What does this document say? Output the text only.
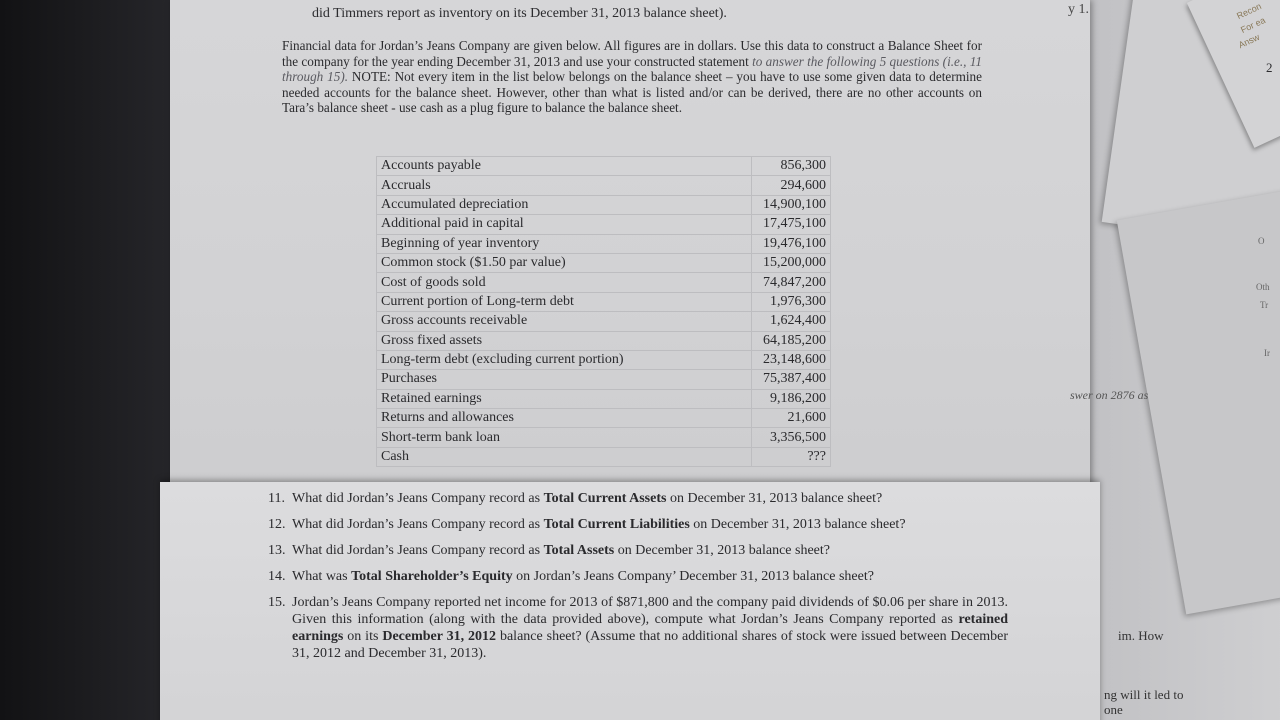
Recon
For ea
Answ
2
O
Oth
Tr
Ir
did Timmers report as inventory on its December 31, 2013 balance sheet).
Financial data for Jordan’s Jeans Company are given below. All figures are in dollars. Use this data to construct a Balance Sheet for the company for the year ending December 31, 2013 and use your constructed statement to answer the following 5 questions (i.e., 11 through 15). NOTE: Not every item in the list below belongs on the balance sheet – you have to use some given data to determine needed accounts for the balance sheet. However, other than what is listed and/or can be derived, there are no other accounts on Tara’s balance sheet - use cash as a plug figure to balance the balance sheet.
Accounts payable	856,300
Accruals	294,600
Accumulated depreciation	14,900,100
Additional paid in capital	17,475,100
Beginning of year inventory	19,476,100
Common stock ($1.50 par value)	15,200,000
Cost of goods sold	74,847,200
Current portion of Long-term debt	1,976,300
Gross accounts receivable	1,624,400
Gross fixed assets	64,185,200
Long-term debt (excluding current portion)	23,148,600
Purchases	75,387,400
Retained earnings	9,186,200
Returns and allowances	21,600
Short-term bank loan	3,356,500
Cash	???
y 1.
swer on 2876 as
im. How
ng will it led to one
11. What did Jordan’s Jeans Company record as Total Current Assets on December 31, 2013 balance sheet?
12. What did Jordan’s Jeans Company record as Total Current Liabilities on December 31, 2013 balance sheet?
13. What did Jordan’s Jeans Company record as Total Assets on December 31, 2013 balance sheet?
14. What was Total Shareholder’s Equity on Jordan’s Jeans Company’ December 31, 2013 balance sheet?
15. Jordan’s Jeans Company reported net income for 2013 of $871,800 and the company paid dividends of $0.06 per share in 2013. Given this information (along with the data provided above), compute what Jordan’s Jeans Company reported as retained earnings on its December 31, 2012 balance sheet? (Assume that no additional shares of stock were issued between December 31, 2012 and December 31, 2013).
